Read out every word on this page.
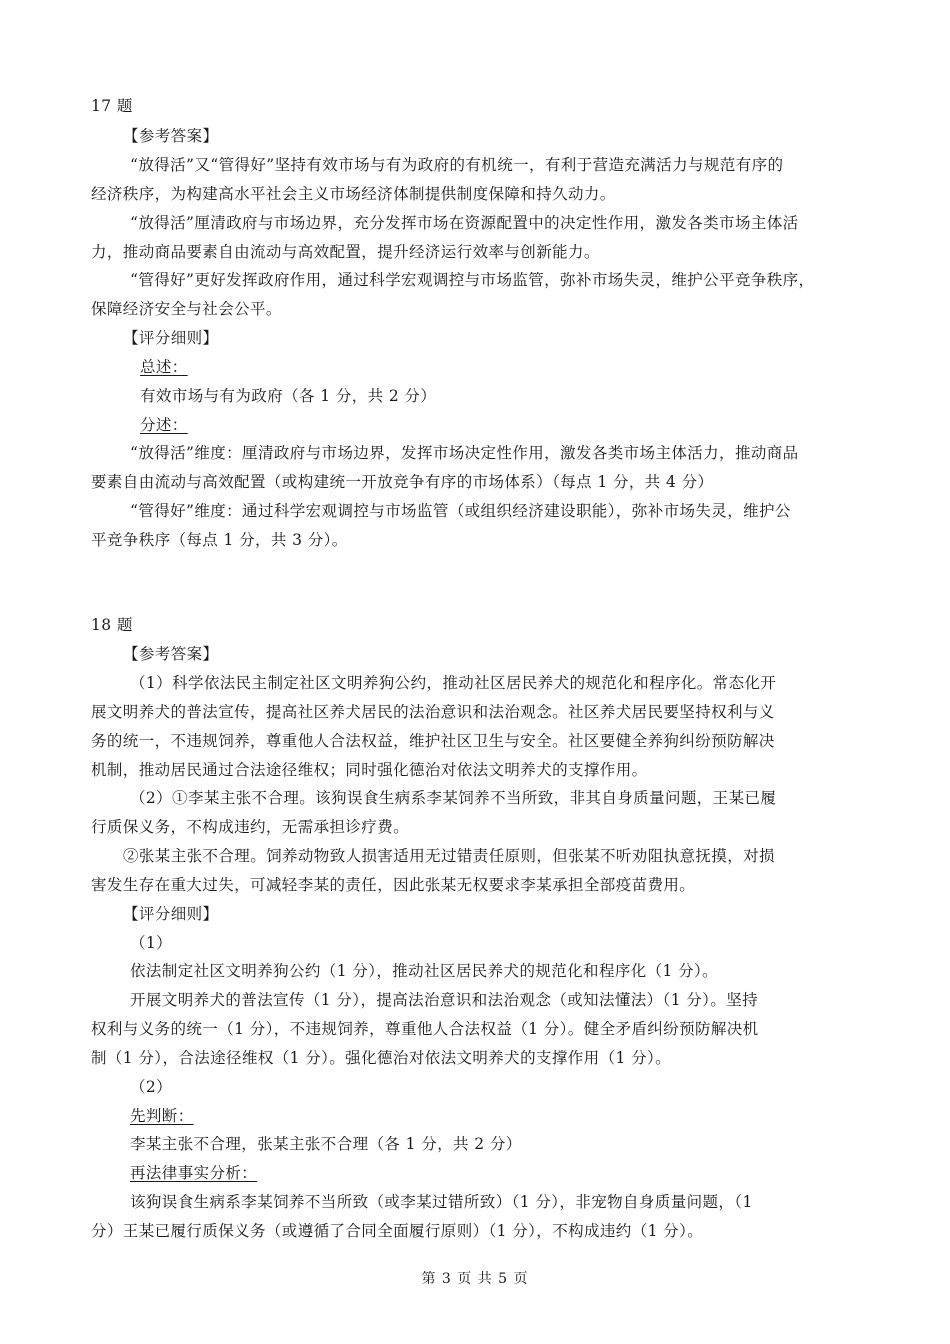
17 题
【参考答案】
“放得活”又“管得好”坚持有效市场与有为政府的有机统一，有利于营造充满活力与规范有序的
经济秩序，为构建高水平社会主义市场经济体制提供制度保障和持久动力。
“放得活”厘清政府与市场边界，充分发挥市场在资源配置中的决定性作用，激发各类市场主体活
力，推动商品要素自由流动与高效配置，提升经济运行效率与创新能力。
“管得好”更好发挥政府作用，通过科学宏观调控与市场监管，弥补市场失灵，维护公平竞争秩序，
保障经济安全与社会公平。
【评分细则】
总述：
有效市场与有为政府（各 1 分，共 2 分）
分述：
“放得活”维度：厘清政府与市场边界，发挥市场决定性作用，激发各类市场主体活力，推动商品
要素自由流动与高效配置（或构建统一开放竞争有序的市场体系）（每点 1 分，共 4 分）
“管得好”维度：通过科学宏观调控与市场监管（或组织经济建设职能），弥补市场失灵，维护公
平竞争秩序（每点 1 分，共 3 分）。
18 题
【参考答案】
（1）科学依法民主制定社区文明养狗公约，推动社区居民养犬的规范化和程序化。常态化开
展文明养犬的普法宣传，提高社区养犬居民的法治意识和法治观念。社区养犬居民要坚持权利与义
务的统一，不违规饲养，尊重他人合法权益，维护社区卫生与安全。社区要健全养狗纠纷预防解决
机制，推动居民通过合法途径维权；同时强化德治对依法文明养犬的支撑作用。
（2）①李某主张不合理。该狗误食生病系李某饲养不当所致，非其自身质量问题，王某已履
行质保义务，不构成违约，无需承担诊疗费。
②张某主张不合理。饲养动物致人损害适用无过错责任原则，但张某不听劝阻执意抚摸，对损
害发生存在重大过失，可减轻李某的责任，因此张某无权要求李某承担全部疫苗费用。
【评分细则】
（1）
依法制定社区文明养狗公约（1 分），推动社区居民养犬的规范化和程序化（1 分）。
开展文明养犬的普法宣传（1 分），提高法治意识和法治观念（或知法懂法）（1 分）。坚持
权利与义务的统一（1 分），不违规饲养，尊重他人合法权益（1 分）。健全矛盾纠纷预防解决机
制（1 分），合法途径维权（1 分）。强化德治对依法文明养犬的支撑作用（1 分）。
（2）
先判断：
李某主张不合理，张某主张不合理（各 1 分，共 2 分）
再法律事实分析：
该狗误食生病系李某饲养不当所致（或李某过错所致）（1 分），非宠物自身质量问题，（1
分）王某已履行质保义务（或遵循了合同全面履行原则）（1 分），不构成违约（1 分）。
第 3 页 共 5 页
